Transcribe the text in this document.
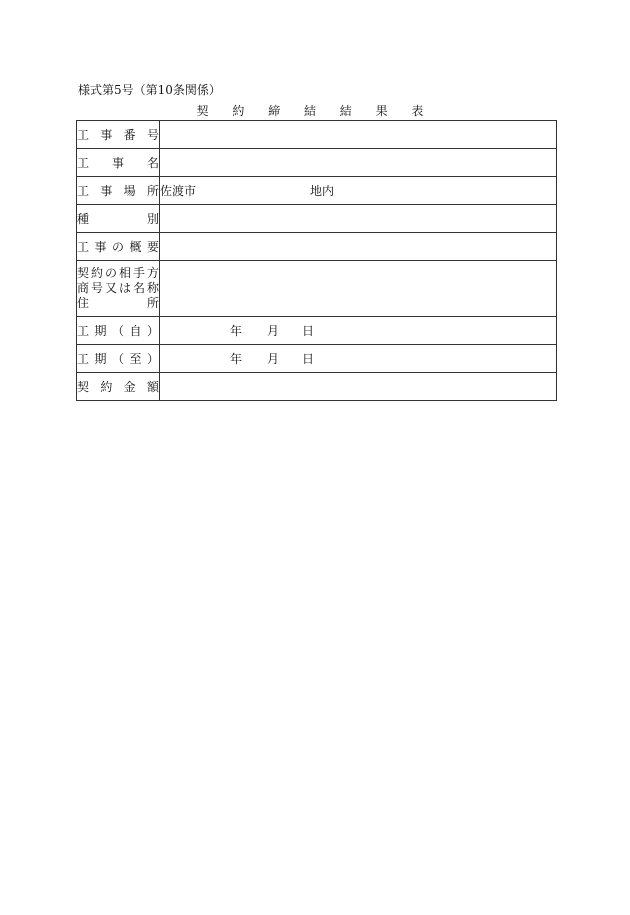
様式第5号（第10条関係）
契 約 締 結 結 果 表
工 事 番 号	
工 事 名	
工 事 場 所	佐渡市 地内
種 別	
工事の概要	

契約の相手方
商号又は名称
住 所	

工 期 （ 自 ）	年 月 日
工 期 （ 至 ）	年 月 日
契 約 金 額	
